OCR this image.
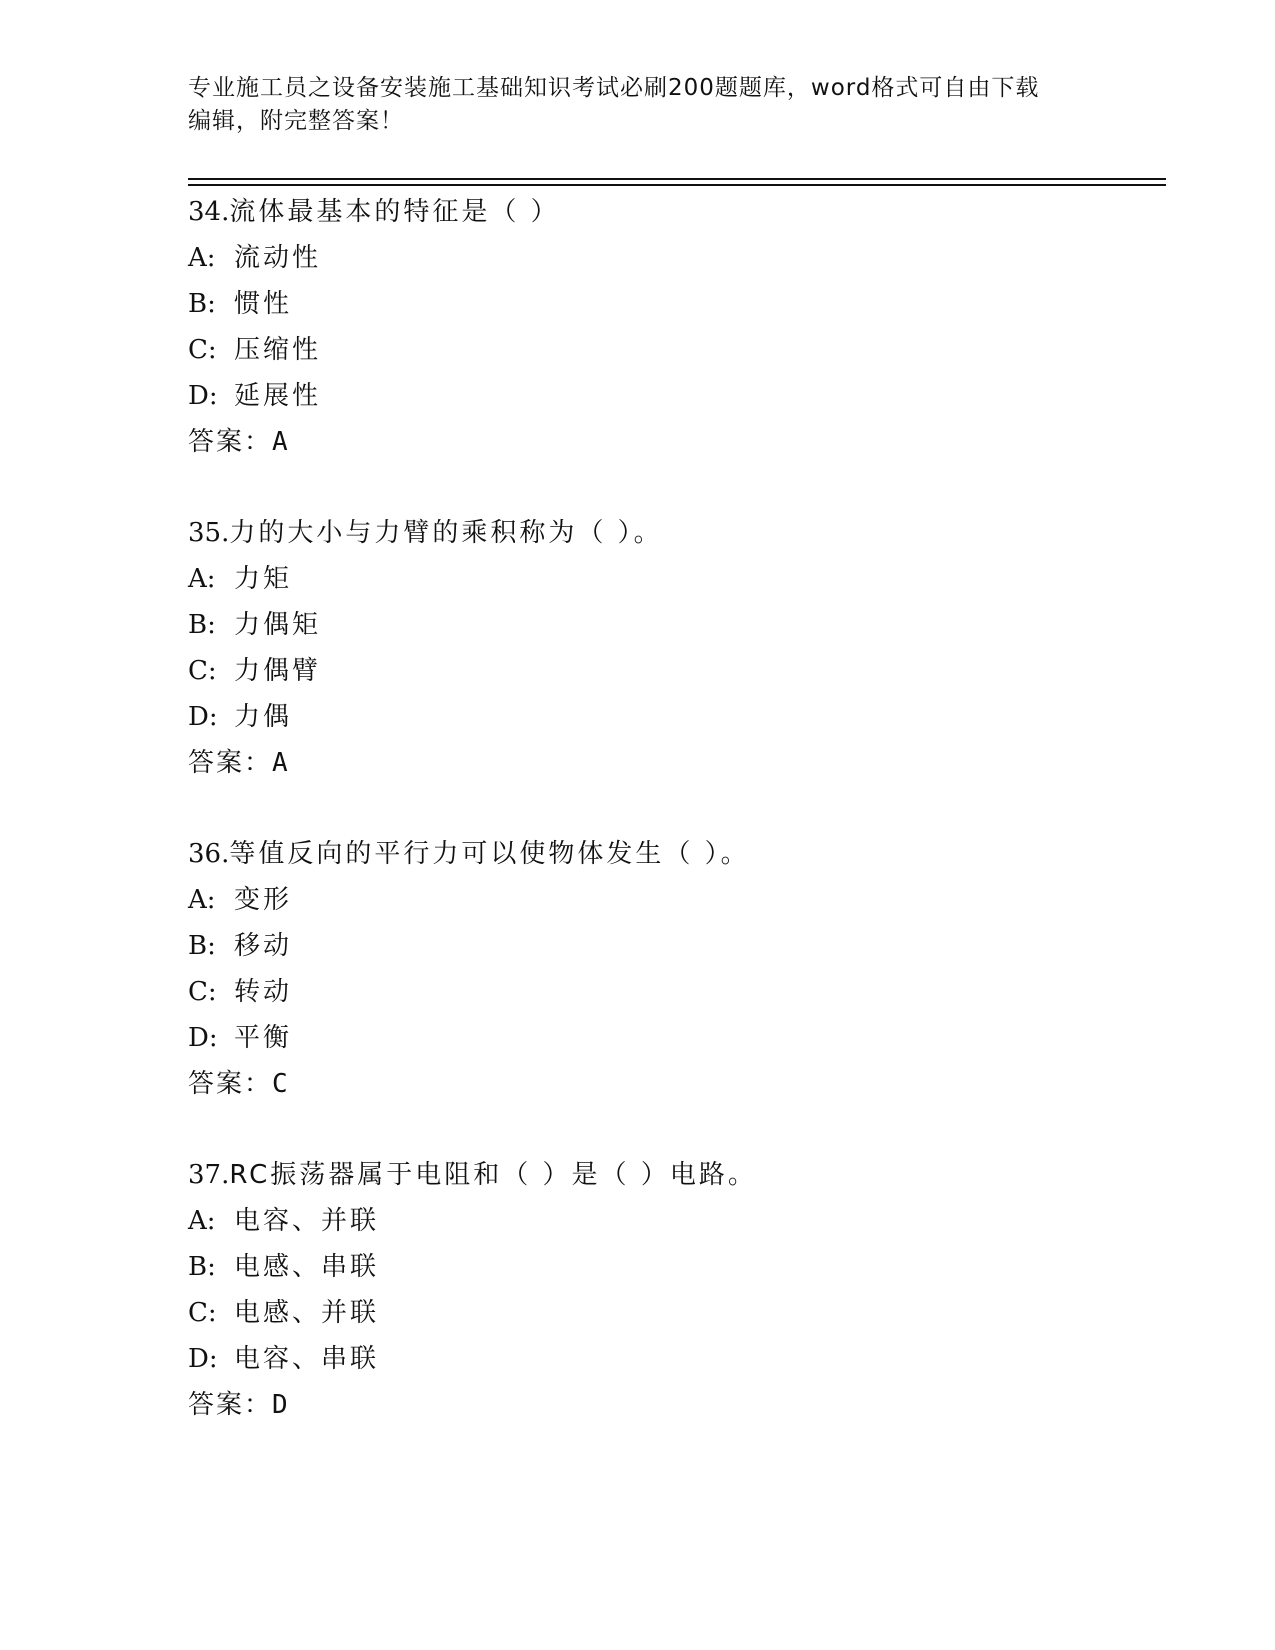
专业施工员之设备安装施工基础知识考试必刷200题题库，word格式可自由下载
编辑，附完整答案！
34.流体最基本的特征是（ ）
A: 流动性
B: 惯性
C: 压缩性
D: 延展性
答案：A
35.力的大小与力臂的乘积称为（ ）。
A: 力矩
B: 力偶矩
C: 力偶臂
D: 力偶
答案：A
36.等值反向的平行力可以使物体发生（ ）。
A: 变形
B: 移动
C: 转动
D: 平衡
答案：C
37.RC振荡器属于电阻和（ ）是（ ）电路。
A: 电容、并联
B: 电感、串联
C: 电感、并联
D: 电容、串联
答案：D
